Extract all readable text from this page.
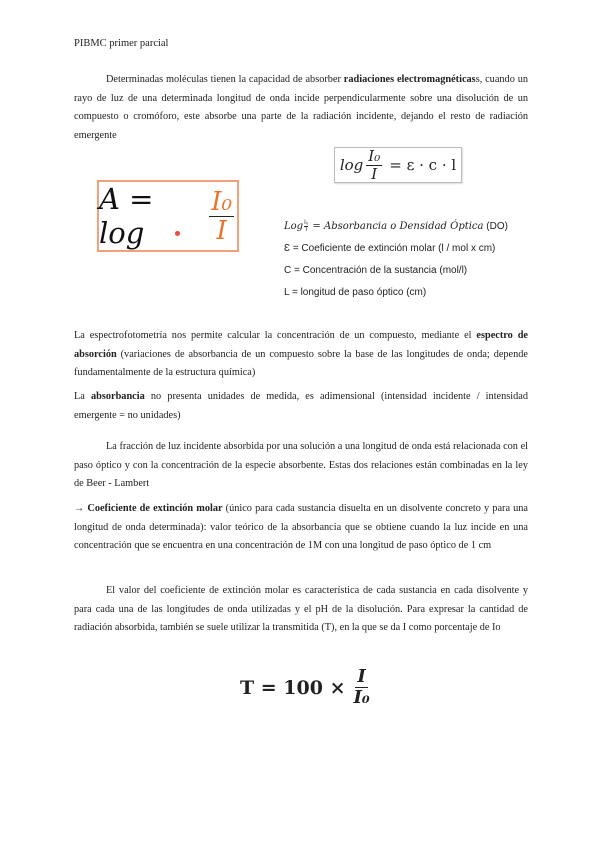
PIBMC primer parcial

Determinadas moléculas tienen la capacidad de absorber radiaciones electromagnéticass, cuando un rayo de luz de una determinada longitud de onda incide perpendicularmente sobre una disolución de un compuesto o cromóforo, este absorbe una parte de la radiación incidente, dejando el resto de radiación emergente

$\log \frac{\text{I₀}}{I} = \varepsilon \cdot c \cdot l$
A = log	$\frac{\text{I₀}}{I}$	Log $\frac{\text{I₀}}{I}$ = Absorbancia o Densidad Óptica (DO)
Ɛ = Coeficiente de extinción molar (l / mol x cm)
C = Concentración de la sustancia (mol/l)
L = longitud de paso óptico (cm)

La espectrofotometría nos permite calcular la concentración de un compuesto, mediante el espectro de absorción (variaciones de absorbancia de un compuesto sobre la base de las longitudes de onda; depende fundamentalmente de la estructura química)

La absorbancia no presenta unidades de medida, es adimensional (intensidad incidente / intensidad emergente = no unidades)

La fracción de luz incidente absorbida por una solución a una longitud de onda está relacionada con el paso óptico y con la concentración de la especie absorbente. Estas dos relaciones están combinadas en la ley de Beer - Lambert

→ Coeficiente de extinción molar (único para cada sustancia disuelta en un disolvente concreto y para una longitud de onda determinada): valor teórico de la absorbancia que se obtiene cuando la luz incide en una concentración que se encuentra en una concentración de 1M con una longitud de paso óptico de 1 cm

El valor del coeficiente de extinción molar es característica de cada sustancia en cada disolvente y para cada una de las longitudes de onda utilizadas y el pH de la disolución. Para expresar la cantidad de radiación absorbida, también se suele utilizar la transmitida (T), en la que se da I como porcentaje de Io

$T = 100 \times \frac{I}{\text{I₀}}$
